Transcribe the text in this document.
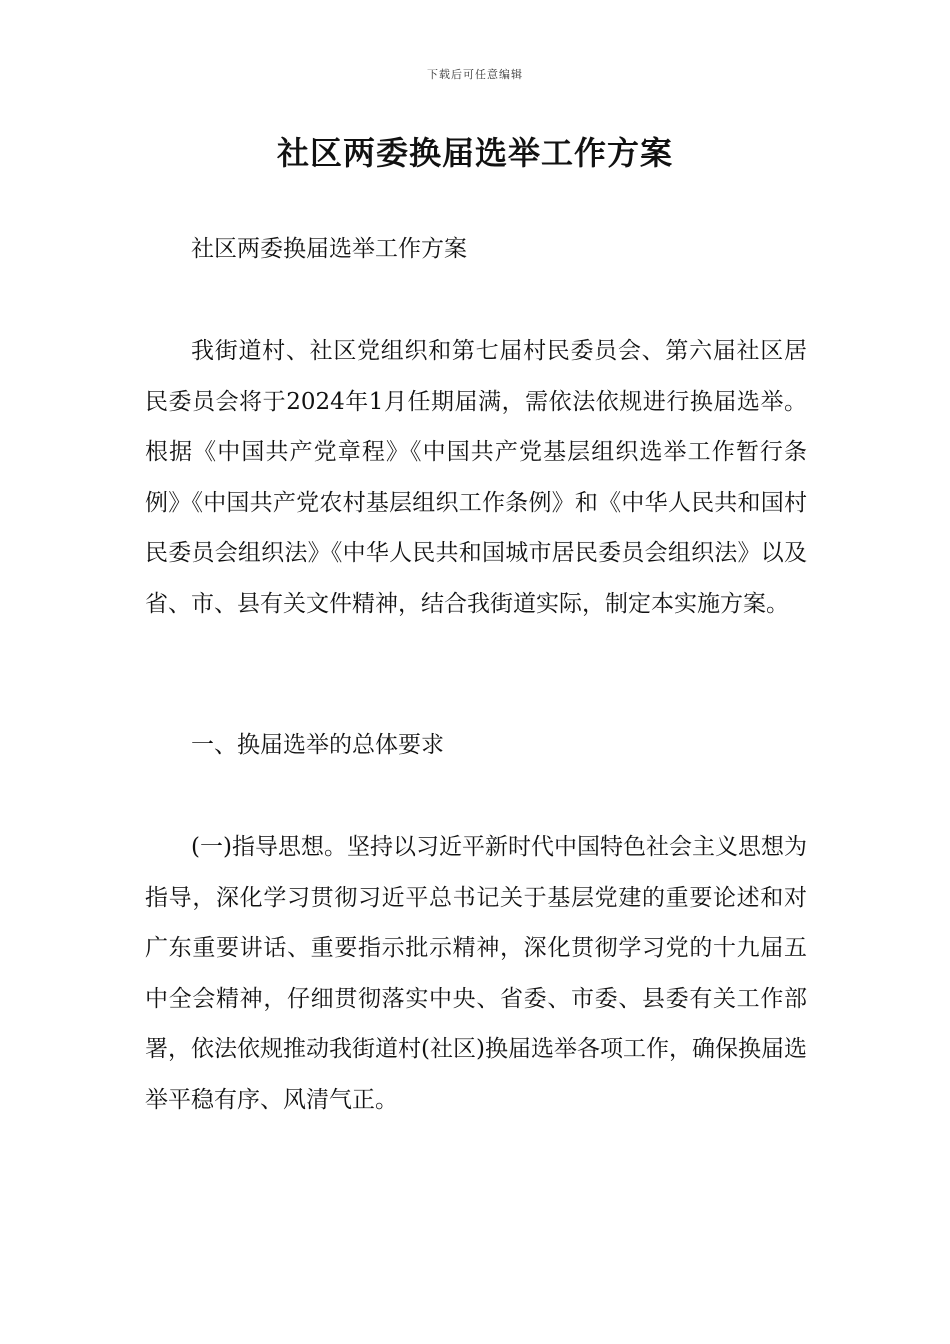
下载后可任意编辑
社区两委换届选举工作方案

社区两委换届选举工作方案

我街道村、社区党组织和第七届村民委员会、第六届社区居民委员会将于2024年1月任期届满，需依法依规进行换届选举。根据《中国共产党章程》《中国共产党基层组织选举工作暂行条例》《中国共产党农村基层组织工作条例》和《中华人民共和国村民委员会组织法》《中华人民共和国城市居民委员会组织法》以及省、市、县有关文件精神，结合我街道实际，制定本实施方案。

一、换届选举的总体要求

(一)指导思想。坚持以习近平新时代中国特色社会主义思想为指导，深化学习贯彻习近平总书记关于基层党建的重要论述和对广东重要讲话、重要指示批示精神，深化贯彻学习党的十九届五中全会精神，仔细贯彻落实中央、省委、市委、县委有关工作部署，依法依规推动我街道村(社区)换届选举各项工作，确保换届选举平稳有序、风清气正。
